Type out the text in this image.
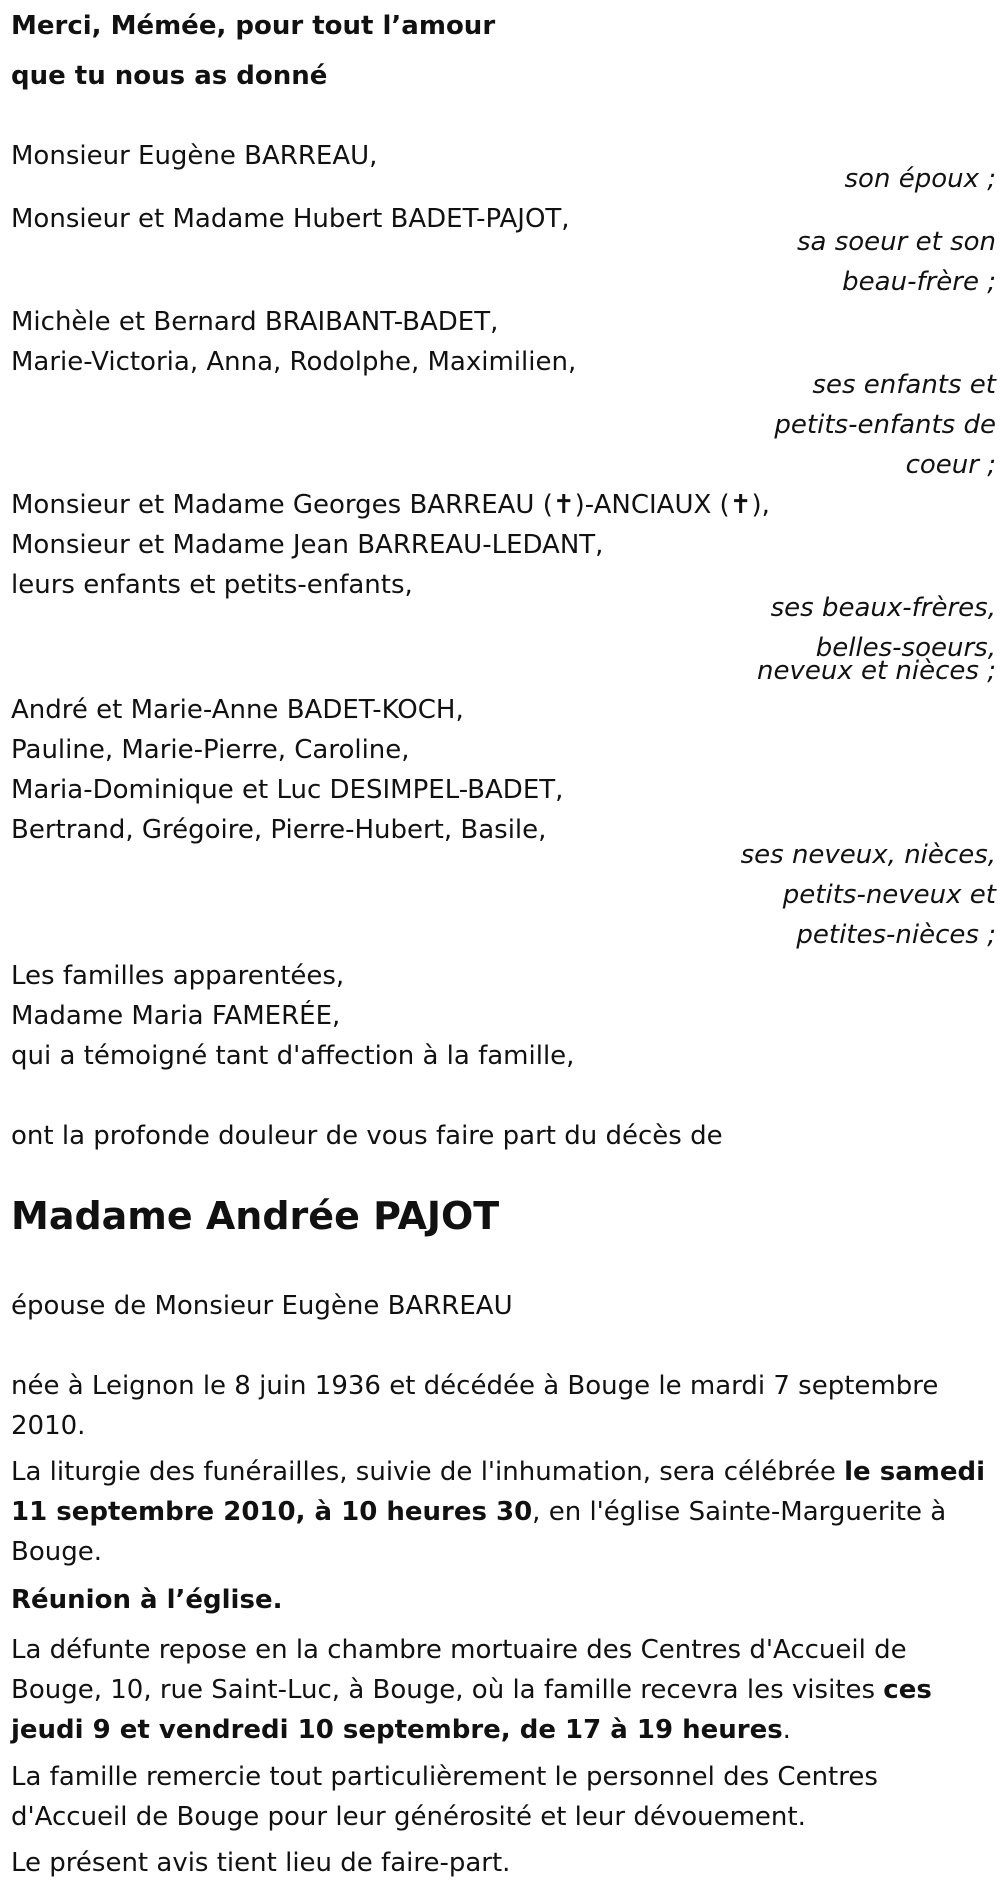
Merci, Mémée, pour tout l’amour
que tu nous as donné
Monsieur Eugène BARREAU,
son époux ;
Monsieur et Madame Hubert BADET-PAJOT,
sa soeur et son
beau-frère ;
Michèle et Bernard BRAIBANT-BADET,
Marie-Victoria, Anna, Rodolphe, Maximilien,
ses enfants et
petits-enfants de
coeur ;
Monsieur et Madame Georges BARREAU (✝)-ANCIAUX (✝),
Monsieur et Madame Jean BARREAU-LEDANT,
leurs enfants et petits-enfants,
ses beaux-frères,
belles-soeurs,
neveux et nièces ;
André et Marie-Anne BADET-KOCH,
Pauline, Marie-Pierre, Caroline,
Maria-Dominique et Luc DESIMPEL-BADET,
Bertrand, Grégoire, Pierre-Hubert, Basile,
ses neveux, nièces,
petits-neveux et
petites-nièces ;
Les familles apparentées,
Madame Maria FAMERÉE,
qui a témoigné tant d'affection à la famille,
ont la profonde douleur de vous faire part du décès de
Madame Andrée PAJOT
épouse de Monsieur Eugène BARREAU
née à Leignon le 8 juin 1936 et décédée à Bouge le mardi 7 septembre 2010.
La liturgie des funérailles, suivie de l'inhumation, sera célébrée le samedi 11 septembre 2010, à 10 heures 30, en l'église Sainte-Marguerite à Bouge.
Réunion à l’église.
La défunte repose en la chambre mortuaire des Centres d'Accueil de Bouge, 10, rue Saint-Luc, à Bouge, où la famille recevra les visites ces jeudi 9 et vendredi 10 septembre, de 17 à 19 heures.
La famille remercie tout particulièrement le personnel des Centres d'Accueil de Bouge pour leur générosité et leur dévouement.
Le présent avis tient lieu de faire-part.
